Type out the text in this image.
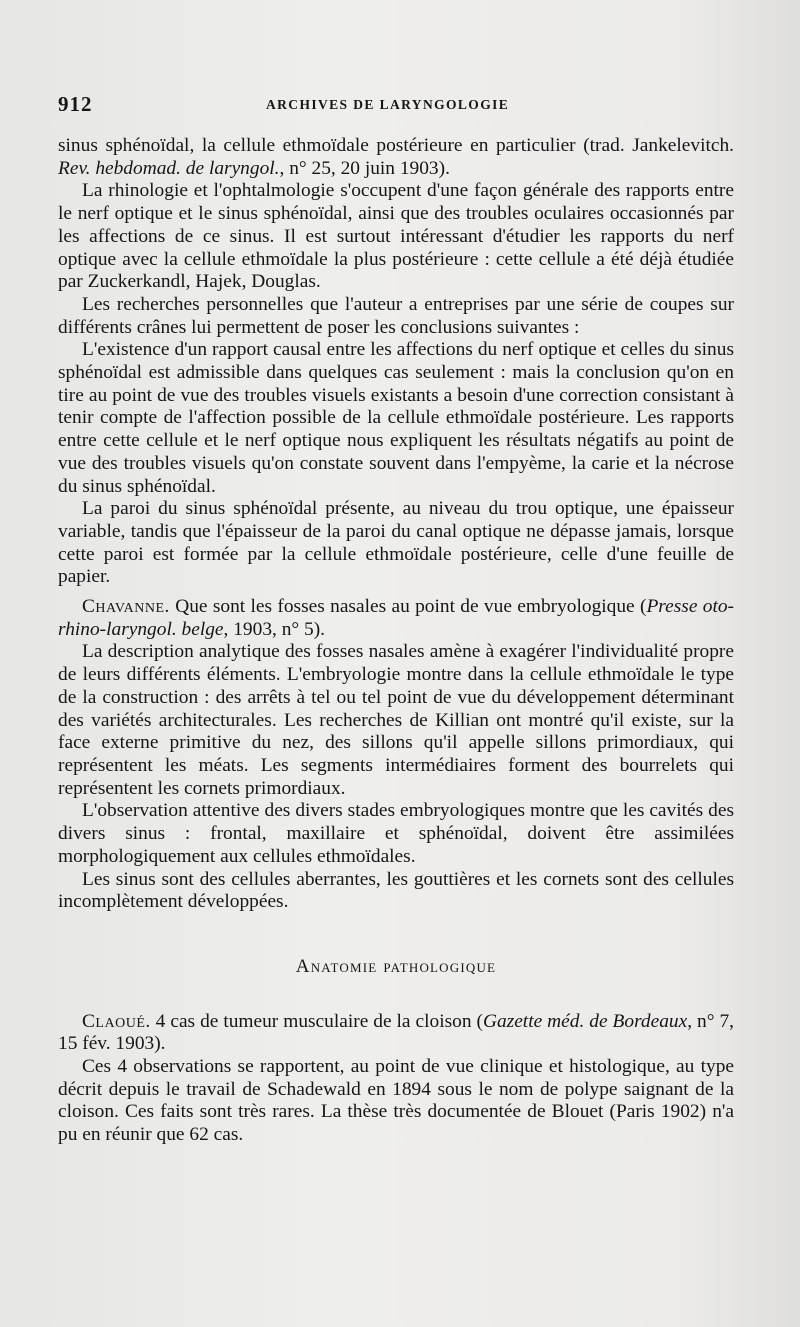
912	ARCHIVES DE LARYNGOLOGIE

sinus sphénoïdal, la cellule ethmoïdale postérieure en particulier (trad. Jankelevitch. Rev. hebdomad. de laryngol., n° 25, 20 juin 1903).

La rhinologie et l'ophtalmologie s'occupent d'une façon générale des rapports entre le nerf optique et le sinus sphénoïdal, ainsi que des troubles oculaires occasionnés par les affections de ce sinus. Il est surtout intéressant d'étudier les rapports du nerf optique avec la cellule ethmoïdale la plus postérieure : cette cellule a été déjà étudiée par Zuckerkandl, Hajek, Douglas.

Les recherches personnelles que l'auteur a entreprises par une série de coupes sur différents crânes lui permettent de poser les conclusions suivantes :

L'existence d'un rapport causal entre les affections du nerf optique et celles du sinus sphénoïdal est admissible dans quelques cas seulement : mais la conclusion qu'on en tire au point de vue des troubles visuels existants a besoin d'une correction consistant à tenir compte de l'affection possible de la cellule ethmoïdale postérieure. Les rapports entre cette cellule et le nerf optique nous expliquent les résultats négatifs au point de vue des troubles visuels qu'on constate souvent dans l'empyème, la carie et la nécrose du sinus sphénoïdal.

La paroi du sinus sphénoïdal présente, au niveau du trou optique, une épaisseur variable, tandis que l'épaisseur de la paroi du canal optique ne dépasse jamais, lorsque cette paroi est formée par la cellule ethmoïdale postérieure, celle d'une feuille de papier.

Chavanne. Que sont les fosses nasales au point de vue embryologique (Presse oto-rhino-laryngol. belge, 1903, n° 5).

La description analytique des fosses nasales amène à exagérer l'individualité propre de leurs différents éléments. L'embryologie montre dans la cellule ethmoïdale le type de la construction : des arrêts à tel ou tel point de vue du développement déterminant des variétés architecturales. Les recherches de Killian ont montré qu'il existe, sur la face externe primitive du nez, des sillons qu'il appelle sillons primordiaux, qui représentent les méats. Les segments intermédiaires forment des bourrelets qui représentent les cornets primordiaux.

L'observation attentive des divers stades embryologiques montre que les cavités des divers sinus : frontal, maxillaire et sphénoïdal, doivent être assimilées morphologiquement aux cellules ethmoïdales.

Les sinus sont des cellules aberrantes, les gouttières et les cornets sont des cellules incomplètement développées.

Anatomie pathologique

Claoué. 4 cas de tumeur musculaire de la cloison (Gazette méd. de Bordeaux, n° 7, 15 fév. 1903).

Ces 4 observations se rapportent, au point de vue clinique et histologique, au type décrit depuis le travail de Schadewald en 1894 sous le nom de polype saignant de la cloison. Ces faits sont très rares. La thèse très documentée de Blouet (Paris 1902) n'a pu en réunir que 62 cas.
